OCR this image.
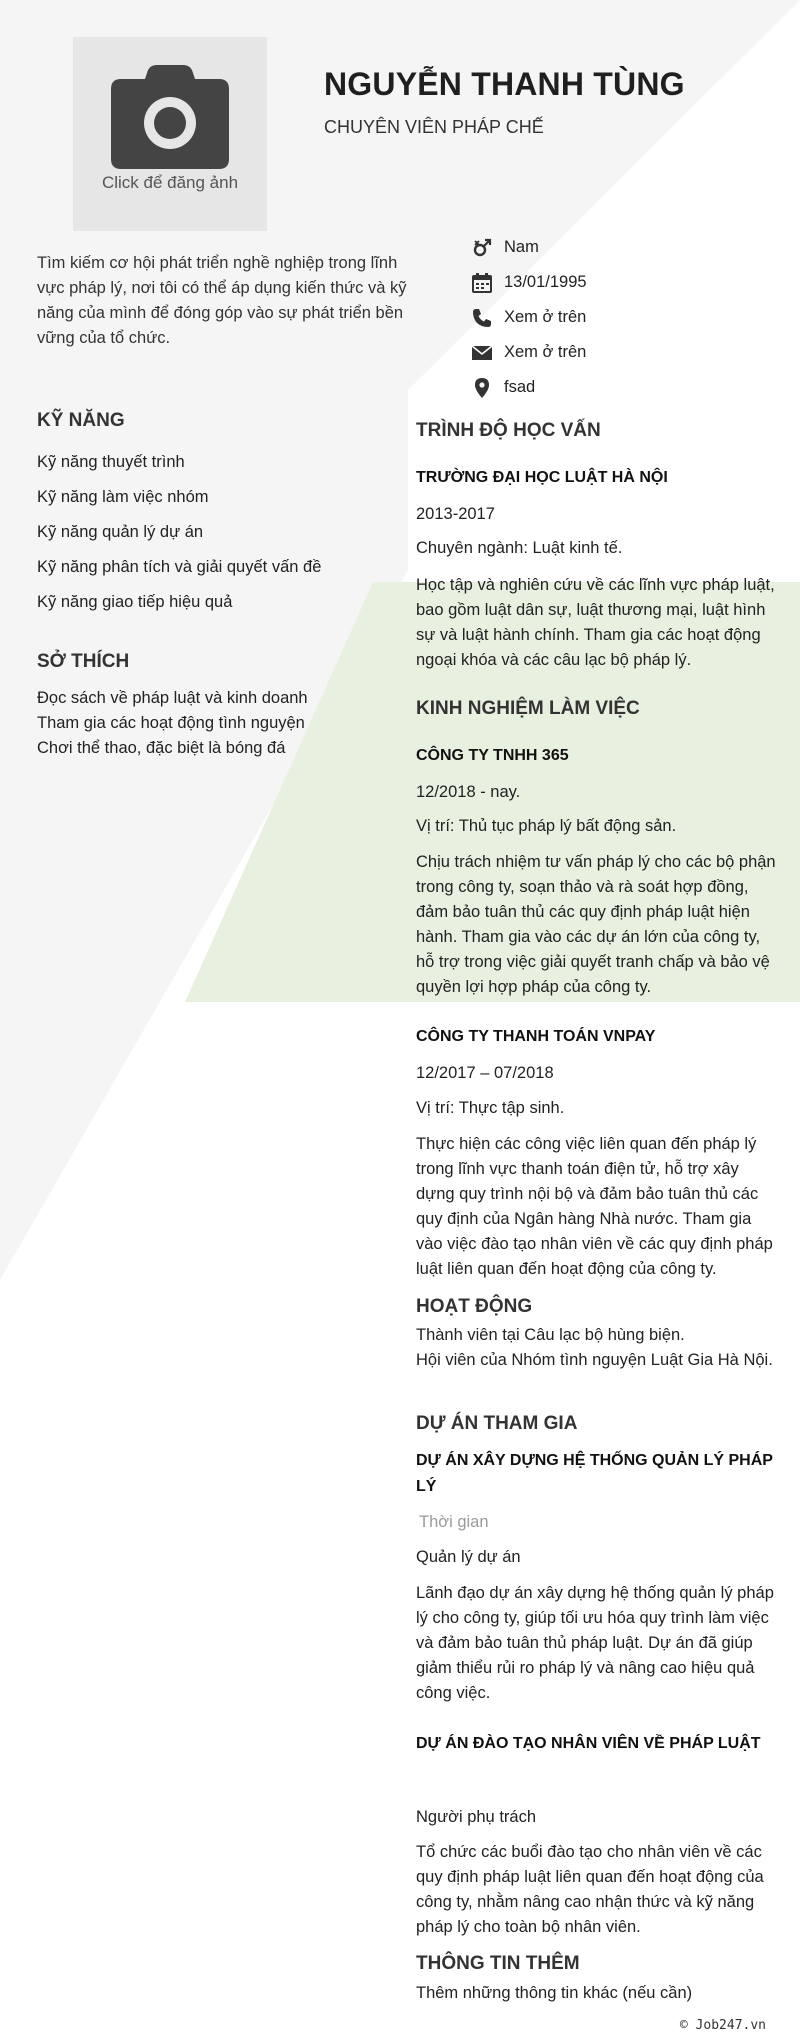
Click để đăng ảnh
NGUYỄN THANH TÙNG
CHUYÊN VIÊN PHÁP CHẾ
Tìm kiếm cơ hội phát triển nghề nghiệp trong lĩnh vực pháp lý, nơi tôi có thể áp dụng kiến thức và kỹ năng của mình để đóng góp vào sự phát triển bền vững của tổ chức.
Nam
13/01/1995
Xem ở trên
Xem ở trên
fsad
KỸ NĂNG
Kỹ năng thuyết trình
Kỹ năng làm việc nhóm
Kỹ năng quản lý dự án
Kỹ năng phân tích và giải quyết vấn đề
Kỹ năng giao tiếp hiệu quả
SỞ THÍCH
Đọc sách về pháp luật và kinh doanh
Tham gia các hoạt động tình nguyện
Chơi thể thao, đặc biệt là bóng đá
TRÌNH ĐỘ HỌC VẤN
TRƯỜNG ĐẠI HỌC LUẬT HÀ NỘI
2013-2017
Chuyên ngành: Luật kinh tế.
Học tập và nghiên cứu về các lĩnh vực pháp luật, bao gồm luật dân sự, luật thương mại, luật hình sự và luật hành chính. Tham gia các hoạt động ngoại khóa và các câu lạc bộ pháp lý.
KINH NGHIỆM LÀM VIỆC
CÔNG TY TNHH 365
12/2018 - nay.
Vị trí: Thủ tục pháp lý bất động sản.
Chịu trách nhiệm tư vấn pháp lý cho các bộ phận trong công ty, soạn thảo và rà soát hợp đồng, đảm bảo tuân thủ các quy định pháp luật hiện hành. Tham gia vào các dự án lớn của công ty, hỗ trợ trong việc giải quyết tranh chấp và bảo vệ quyền lợi hợp pháp của công ty.
CÔNG TY THANH TOÁN VNPAY
12/2017 – 07/2018
Vị trí: Thực tập sinh.
Thực hiện các công việc liên quan đến pháp lý trong lĩnh vực thanh toán điện tử, hỗ trợ xây dựng quy trình nội bộ và đảm bảo tuân thủ các quy định của Ngân hàng Nhà nước. Tham gia vào việc đào tạo nhân viên về các quy định pháp luật liên quan đến hoạt động của công ty.
HOẠT ĐỘNG
Thành viên tại Câu lạc bộ hùng biện.
Hội viên của Nhóm tình nguyện Luật Gia Hà Nội.
DỰ ÁN THAM GIA
DỰ ÁN XÂY DỰNG HỆ THỐNG QUẢN LÝ PHÁP LÝ
Thời gian
Quản lý dự án
Lãnh đạo dự án xây dựng hệ thống quản lý pháp lý cho công ty, giúp tối ưu hóa quy trình làm việc và đảm bảo tuân thủ pháp luật. Dự án đã giúp giảm thiểu rủi ro pháp lý và nâng cao hiệu quả công việc.
DỰ ÁN ĐÀO TẠO NHÂN VIÊN VỀ PHÁP LUẬT
Người phụ trách
Tổ chức các buổi đào tạo cho nhân viên về các quy định pháp luật liên quan đến hoạt động của công ty, nhằm nâng cao nhận thức và kỹ năng pháp lý cho toàn bộ nhân viên.
THÔNG TIN THÊM
Thêm những thông tin khác (nếu cần)
© Job247.vn
